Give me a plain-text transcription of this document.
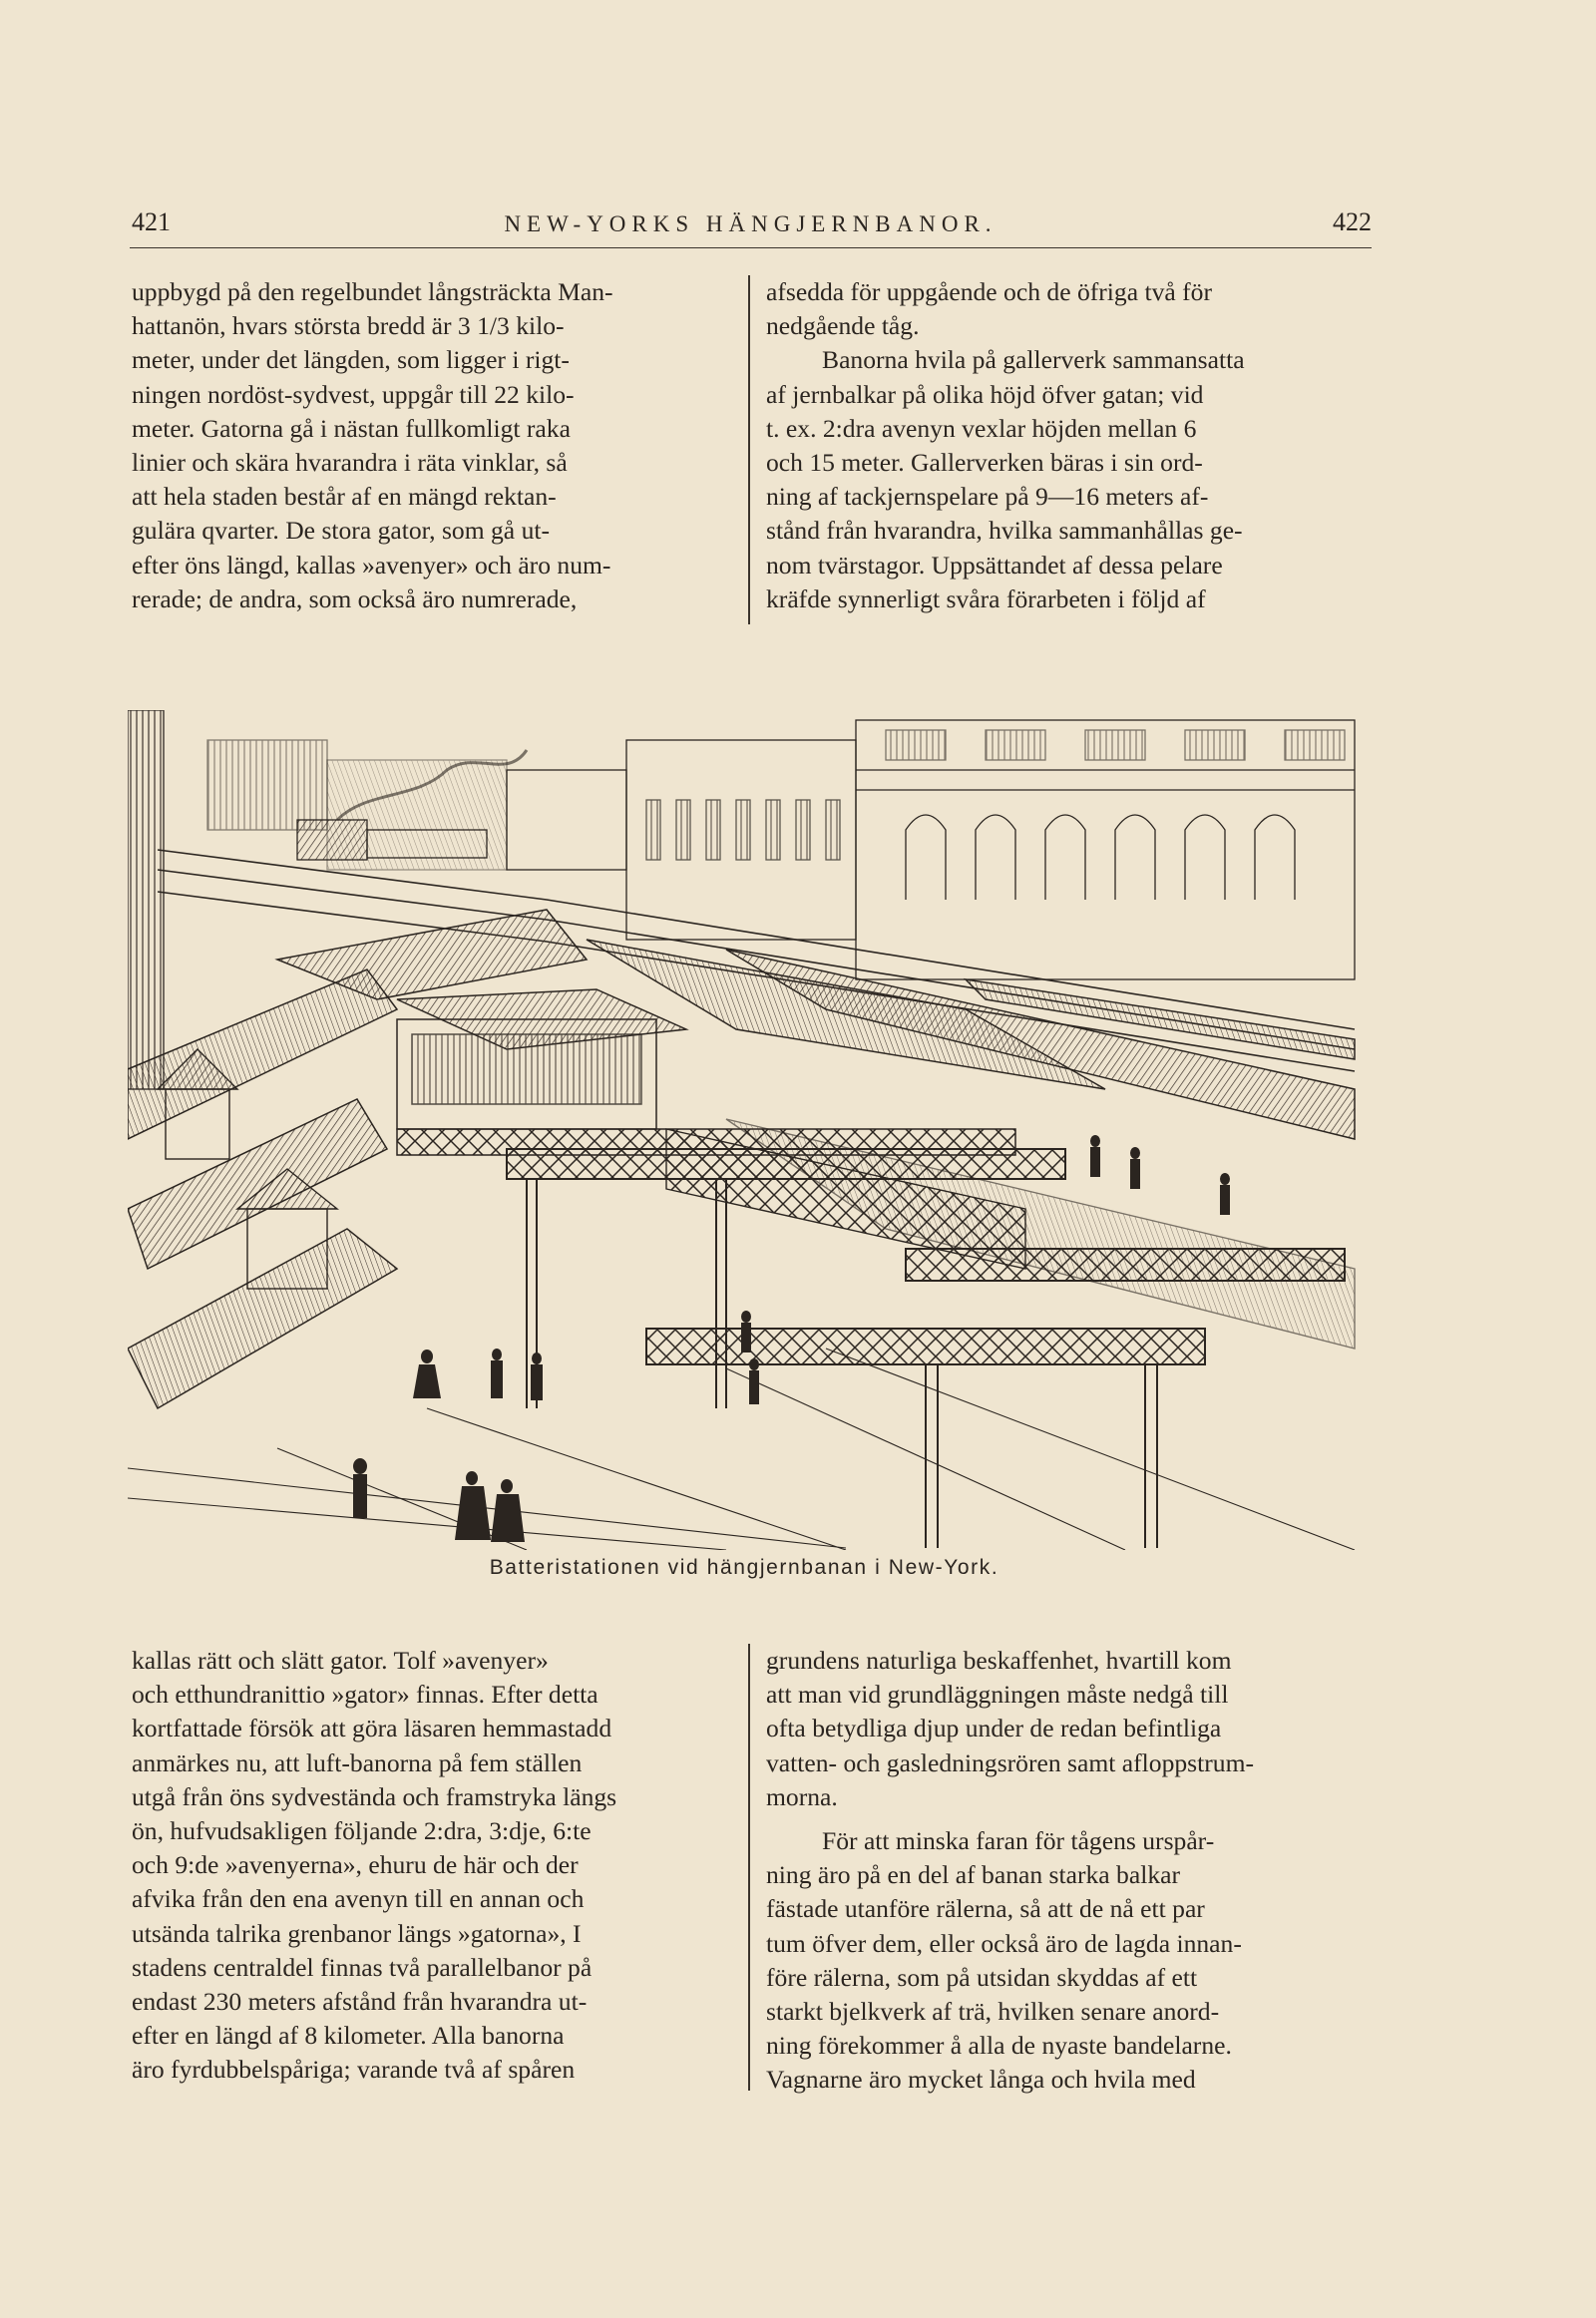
421	NEW-YORKS HÄNGJERNBANOR.	422

uppbygd på den regelbundet långsträckta Man-

hattanön, hvars största bredd är 3 1/3 kilo-

meter, under det längden, som ligger i rigt-

ningen nordöst-sydvest, uppgår till 22 kilo-

meter. Gatorna gå i nästan fullkomligt raka

linier och skära hvarandra i räta vinklar, så

att hela staden består af en mängd rektan-

gulära qvarter. De stora gator, som gå ut-

efter öns längd, kallas »avenyer» och äro num-

rerade; de andra, som också äro numrerade,

afsedda för uppgående och de öfriga två för

nedgående tåg.

Banorna hvila på gallerverk sammansatta

af jernbalkar på olika höjd öfver gatan; vid

t. ex. 2:dra avenyn vexlar höjden mellan 6

och 15 meter. Gallerverken bäras i sin ord-

ning af tackjernspelare på 9—16 meters af-

stånd från hvarandra, hvilka sammanhållas ge-

nom tvärstagor. Uppsättandet af dessa pelare

kräfde synnerligt svåra förarbeten i följd af

Batteristationen vid hängjernbanan i New-York.

kallas rätt och slätt gator. Tolf »avenyer»

och etthundranittio »gator» finnas. Efter detta

kortfattade försök att göra läsaren hemmastadd

anmärkes nu, att luft-banorna på fem ställen

utgå från öns sydveständа och framstryka längs

ön, hufvudsakligen följande 2:dra, 3:dje, 6:te

och 9:de »avenyerna», ehuru de här och der

afvika från den ena avenyn till en annan och

utsända talrika grenbanor längs »gatorna», I

stadens centraldel finnas två parallelbanor på

endast 230 meters afstånd från hvarandra ut-

efter en längd af 8 kilometer. Alla banorna

äro fyrdubbelspåriga; varande två af spåren

grundens naturliga beskaffenhet, hvartill kom

att man vid grundläggningen måste nedgå till

ofta betydliga djup under de redan befintliga

vatten- och gasledningsrören samt afloppstrum-

morna.

För att minska faran för tågens urspår-

ning äro på en del af banan starka balkar

fästade utanföre rälerna, så att de nå ett par

tum öfver dem, eller också äro de lagda innan-

före rälerna, som på utsidan skyddas af ett

starkt bjelkverk af trä, hvilken senare anord-

ning förekommer å alla de nyaste bandelarne.

Vagnarne äro mycket långa och hvila med
